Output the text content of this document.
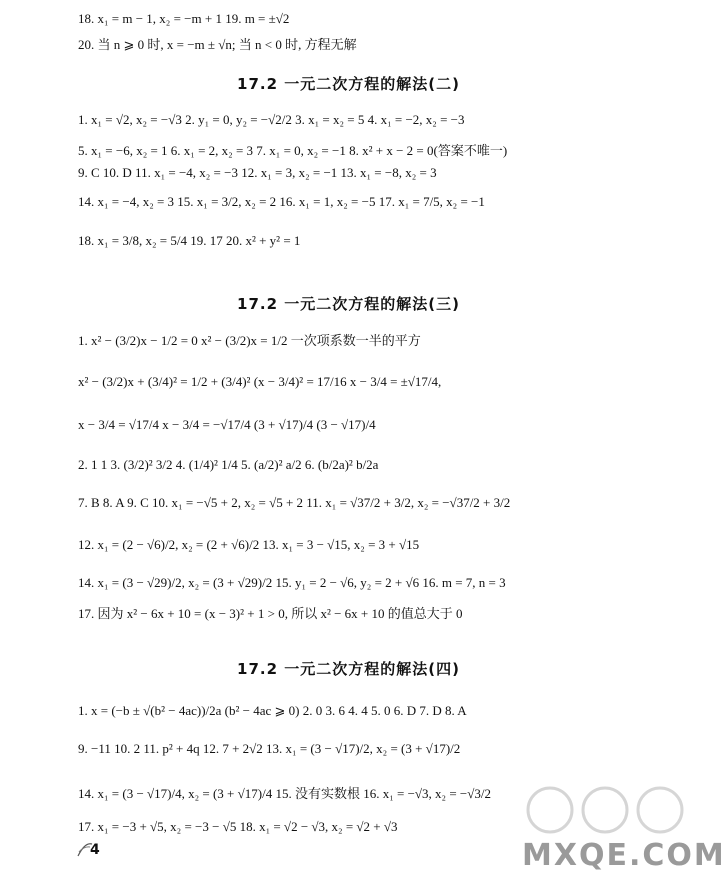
18. x₁ = m − 1, x₂ = −m + 1 19. m = ±√2
20. 当 n ⩾ 0 时, x = −m ± √n; 当 n < 0 时, 方程无解
17.2 一元二次方程的解法(二)
1. x₁ = √2, x₂ = −√3 2. y₁ = 0, y₂ = −√2/2 3. x₁ = x₂ = 5 4. x₁ = −2, x₂ = −3
5. x₁ = −6, x₂ = 1 6. x₁ = 2, x₂ = 3 7. x₁ = 0, x₂ = −1 8. x² + x − 2 = 0(答案不唯一)
9. C 10. D 11. x₁ = −4, x₂ = −3 12. x₁ = 3, x₂ = −1 13. x₁ = −8, x₂ = 3
14. x₁ = −4, x₂ = 3 15. x₁ = 3/2, x₂ = 2 16. x₁ = 1, x₂ = −5 17. x₁ = 7/5, x₂ = −1
18. x₁ = 3/8, x₂ = 5/4 19. 17 20. x² + y² = 1
17.2 一元二次方程的解法(三)
1. x² − (3/2)x − 1/2 = 0 x² − (3/2)x = 1/2 一次项系数一半的平方
x² − (3/2)x + (3/4)² = 1/2 + (3/4)² (x − 3/4)² = 17/16 x − 3/4 = ±√17/4,
x − 3/4 = √17/4 x − 3/4 = −√17/4 (3 + √17)/4 (3 − √17)/4
2. 1 1 3. (3/2)² 3/2 4. (1/4)² 1/4 5. (a/2)² a/2 6. (b/2a)² b/2a
7. B 8. A 9. C 10. x₁ = −√5 + 2, x₂ = √5 + 2 11. x₁ = √37/2 + 3/2, x₂ = −√37/2 + 3/2
12. x₁ = (2 − √6)/2, x₂ = (2 + √6)/2 13. x₁ = 3 − √15, x₂ = 3 + √15
14. x₁ = (3 − √29)/2, x₂ = (3 + √29)/2 15. y₁ = 2 − √6, y₂ = 2 + √6 16. m = 7, n = 3
17. 因为 x² − 6x + 10 = (x − 3)² + 1 > 0, 所以 x² − 6x + 10 的值总大于 0
17.2 一元二次方程的解法(四)
1. x = (−b ± √(b² − 4ac))/2a (b² − 4ac ⩾ 0) 2. 0 3. 6 4. 4 5. 0 6. D 7. D 8. A
9. −11 10. 2 11. p² + 4q 12. 7 + 2√2 13. x₁ = (3 − √17)/2, x₂ = (3 + √17)/2
14. x₁ = (3 − √17)/4, x₂ = (3 + √17)/4 15. 没有实数根 16. x₁ = −√3, x₂ = −√3/2
17. x₁ = −3 + √5, x₂ = −3 − √5 18. x₁ = √2 − √3, x₂ = √2 + √3
4	MXQE.COM
